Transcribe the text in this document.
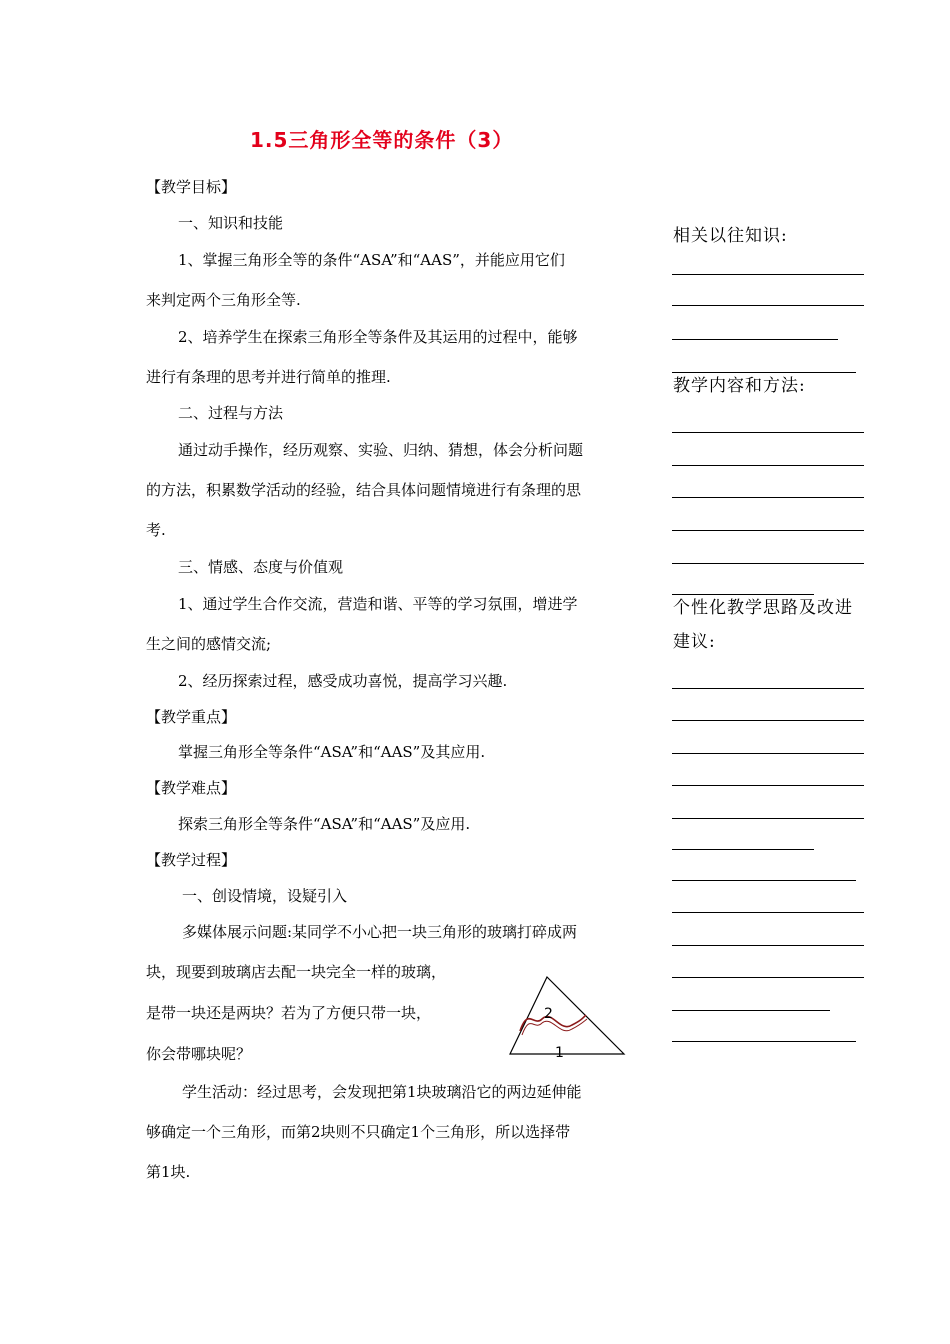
1.5三角形全等的条件（3）
【教学目标】
一、知识和技能
1、掌握三角形全等的条件“ASA”和“AAS”，并能应用它们
来判定两个三角形全等.
2、培养学生在探索三角形全等条件及其运用的过程中，能够
进行有条理的思考并进行简单的推理.
二、过程与方法
通过动手操作，经历观察、实验、归纳、猜想，体会分析问题
的方法，积累数学活动的经验，结合具体问题情境进行有条理的思
考.
三、情感、态度与价值观
1、通过学生合作交流，营造和谐、平等的学习氛围，增进学
生之间的感情交流;
2、经历探索过程，感受成功喜悦，提高学习兴趣.
【教学重点】
掌握三角形全等条件“ASA”和“AAS”及其应用.
【教学难点】
探索三角形全等条件“ASA”和“AAS”及应用.
【教学过程】
一、创设情境，设疑引入
多媒体展示问题:某同学不小心把一块三角形的玻璃打碎成两
块，现要到玻璃店去配一块完全一样的玻璃，
是带一块还是两块？若为了方便只带一块，
你会带哪块呢？
学生活动：经过思考，会发现把第1块玻璃沿它的两边延伸能
够确定一个三角形，而第2块则不只确定1个三角形，所以选择带
第1块.
2
1
相关以往知识:
教学内容和方法:
个性化教学思路及改进
建议:
